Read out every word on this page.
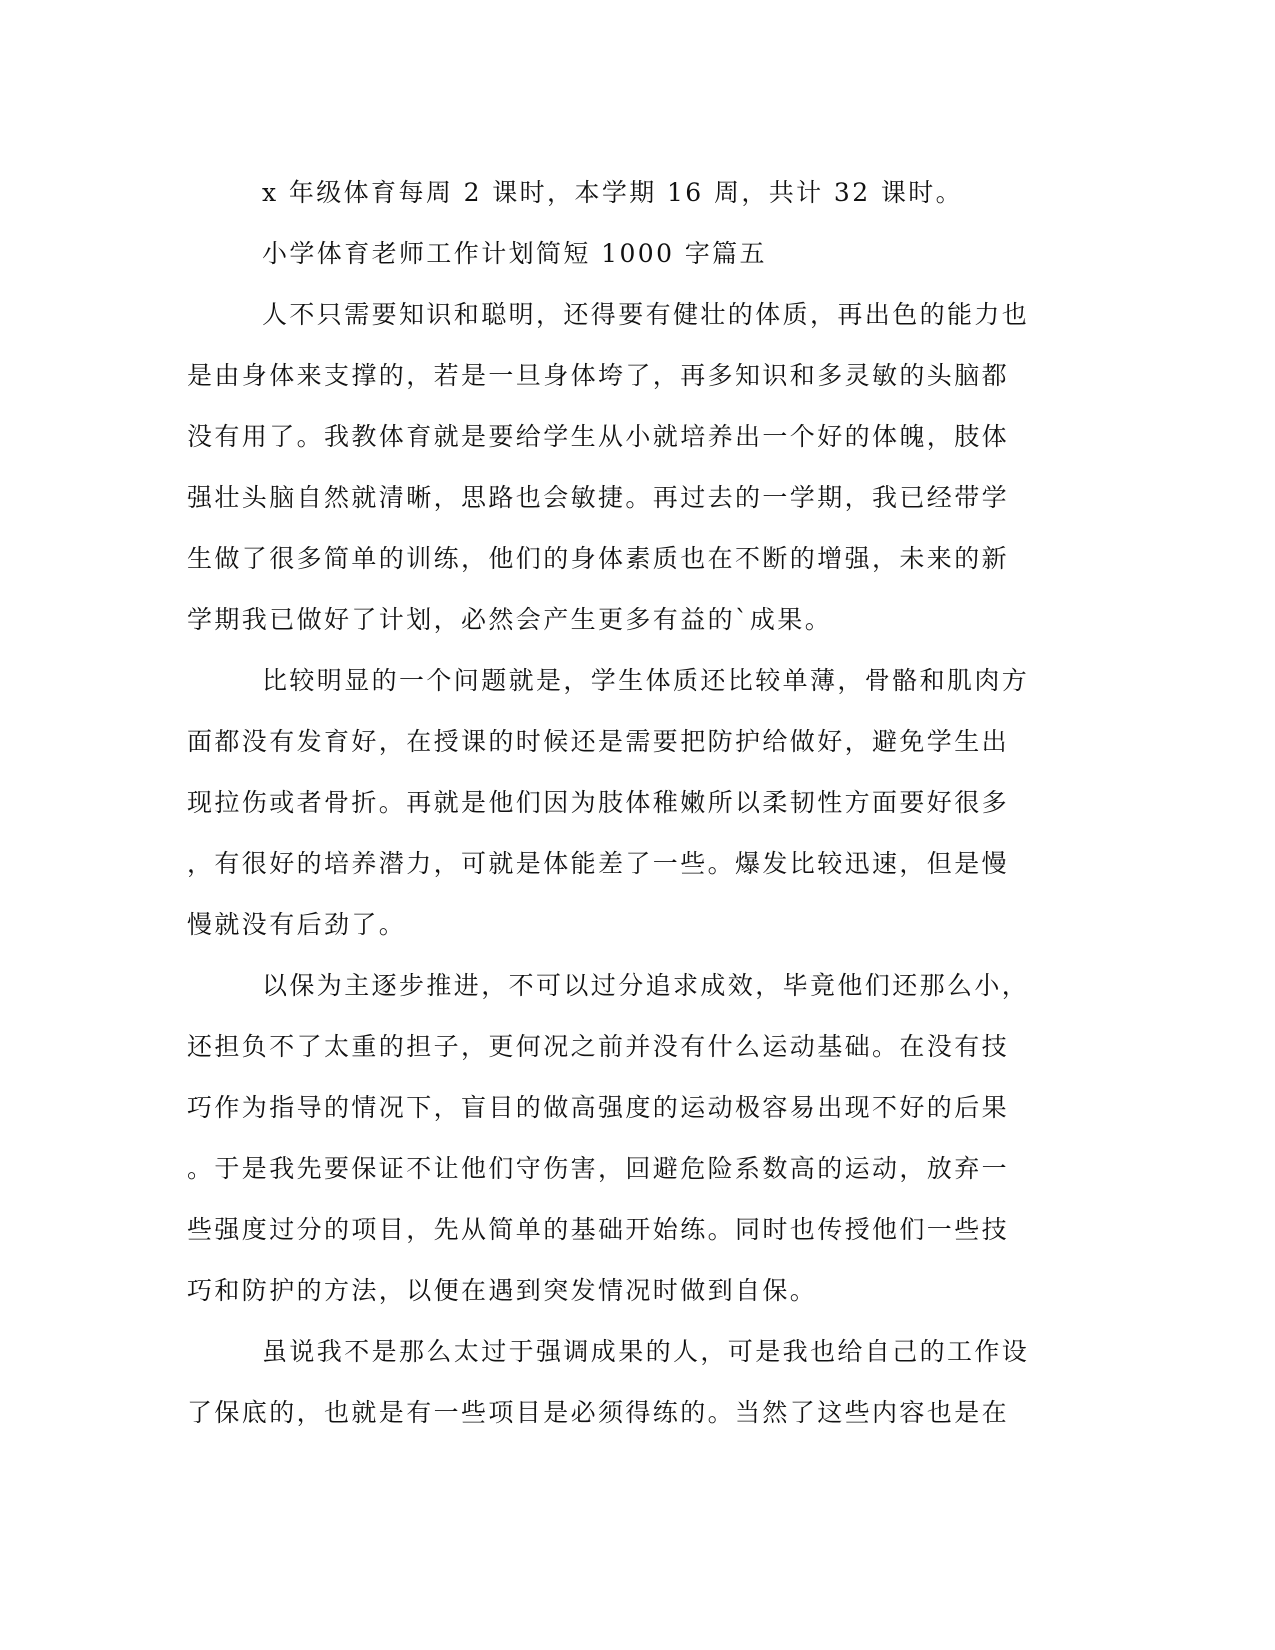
x 年级体育每周 2 课时，本学期 16 周，共计 32 课时。
小学体育老师工作计划简短 1000 字篇五
人不只需要知识和聪明，还得要有健壮的体质，再出色的能力也
是由身体来支撑的，若是一旦身体垮了，再多知识和多灵敏的头脑都
没有用了。我教体育就是要给学生从小就培养出一个好的体魄，肢体
强壮头脑自然就清晰，思路也会敏捷。再过去的一学期，我已经带学
生做了很多简单的训练，他们的身体素质也在不断的增强，未来的新
学期我已做好了计划，必然会产生更多有益的`成果。
比较明显的一个问题就是，学生体质还比较单薄，骨骼和肌肉方
面都没有发育好，在授课的时候还是需要把防护给做好，避免学生出
现拉伤或者骨折。再就是他们因为肢体稚嫩所以柔韧性方面要好很多
，有很好的培养潜力，可就是体能差了一些。爆发比较迅速，但是慢
慢就没有后劲了。
以保为主逐步推进，不可以过分追求成效，毕竟他们还那么小，
还担负不了太重的担子，更何况之前并没有什么运动基础。在没有技
巧作为指导的情况下，盲目的做高强度的运动极容易出现不好的后果
。于是我先要保证不让他们守伤害，回避危险系数高的运动，放弃一
些强度过分的项目，先从简单的基础开始练。同时也传授他们一些技
巧和防护的方法，以便在遇到突发情况时做到自保。
虽说我不是那么太过于强调成果的人，可是我也给自己的工作设
了保底的，也就是有一些项目是必须得练的。当然了这些内容也是在
